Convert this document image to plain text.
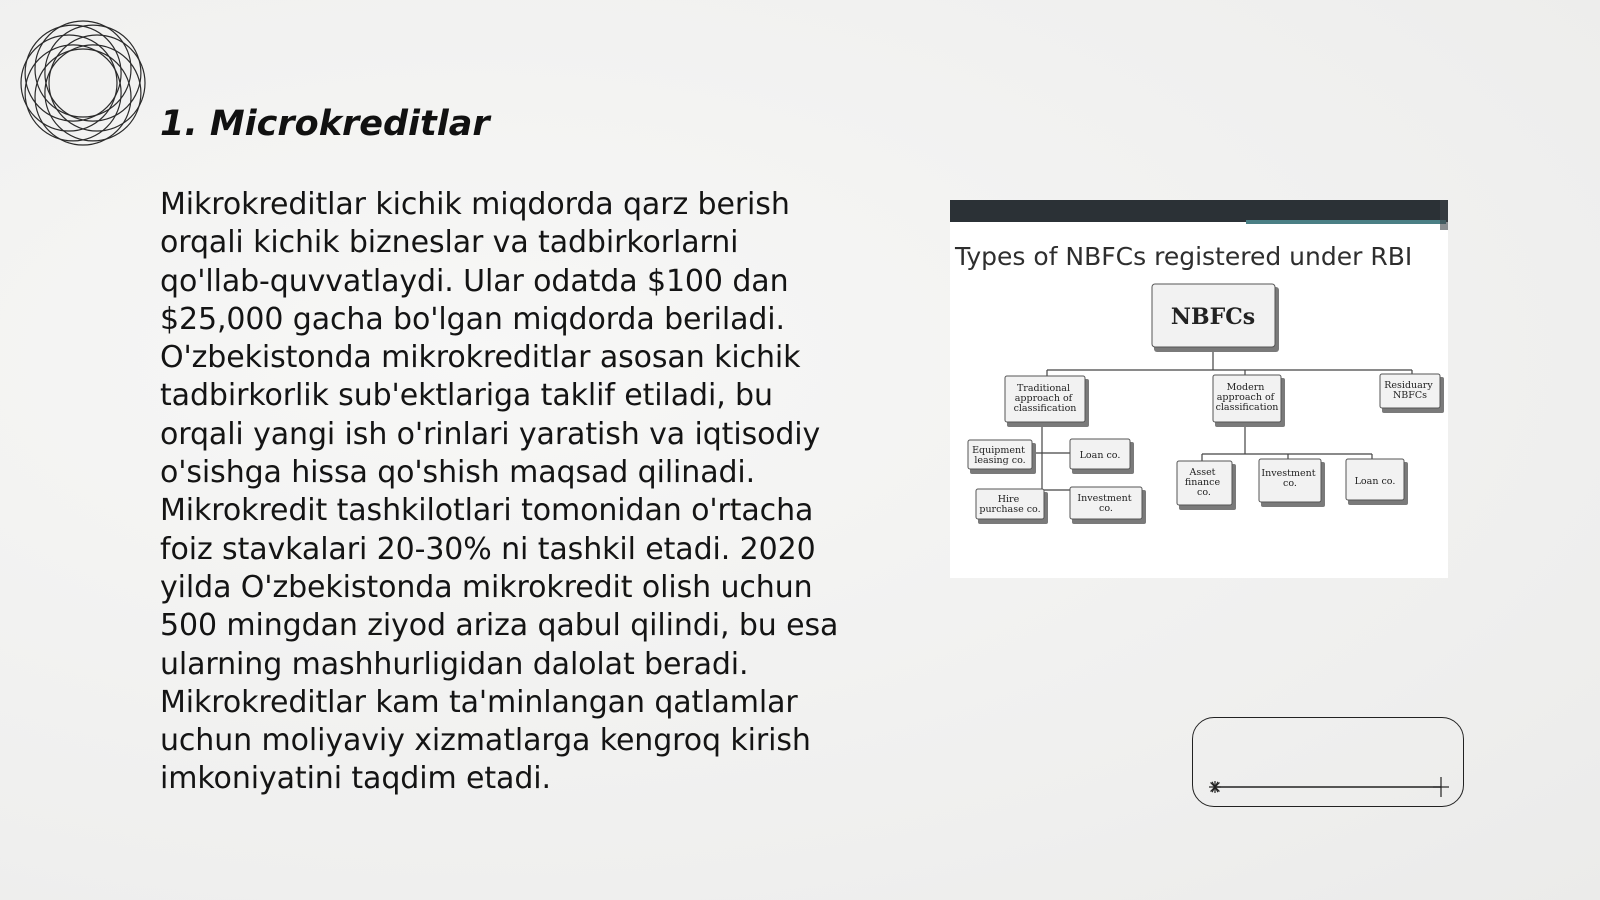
1. Microkreditlar

Mikrokreditlar kichik miqdorda qarz berish orqali kichik bizneslar va tadbirkorlarni qo'llab-quvvatlaydi. Ular odatda $100 dan $25,000 gacha bo'lgan miqdorda beriladi. O'zbekistonda mikrokreditlar asosan kichik tadbirkorlik sub'ektlariga taklif etiladi, bu orqali yangi ish o'rinlari yaratish va iqtisodiy o'sishga hissa qo'shish maqsad qilinadi. Mikrokredit tashkilotlari tomonidan o'rtacha foiz stavkalari 20-30% ni tashkil etadi. 2020 yilda O'zbekistonda mikrokredit olish uchun 500 mingdan ziyod ariza qabul qilindi, bu esa ularning mashhurligidan dalolat beradi. Mikrokreditlar kam ta'minlangan qatlamlar uchun moliyaviy xizmatlarga kengroq kirish imkoniyatini taqdim etadi.

Types of NBFCs registered under RBI

NBFCs
Traditional approach of classification
Modern approach of classification
Residuary NBFCs
Equipment leasing co.	Loan co.
Hire purchase co.
Investment co.
Asset finance co.
Investment co.	Loan co.
